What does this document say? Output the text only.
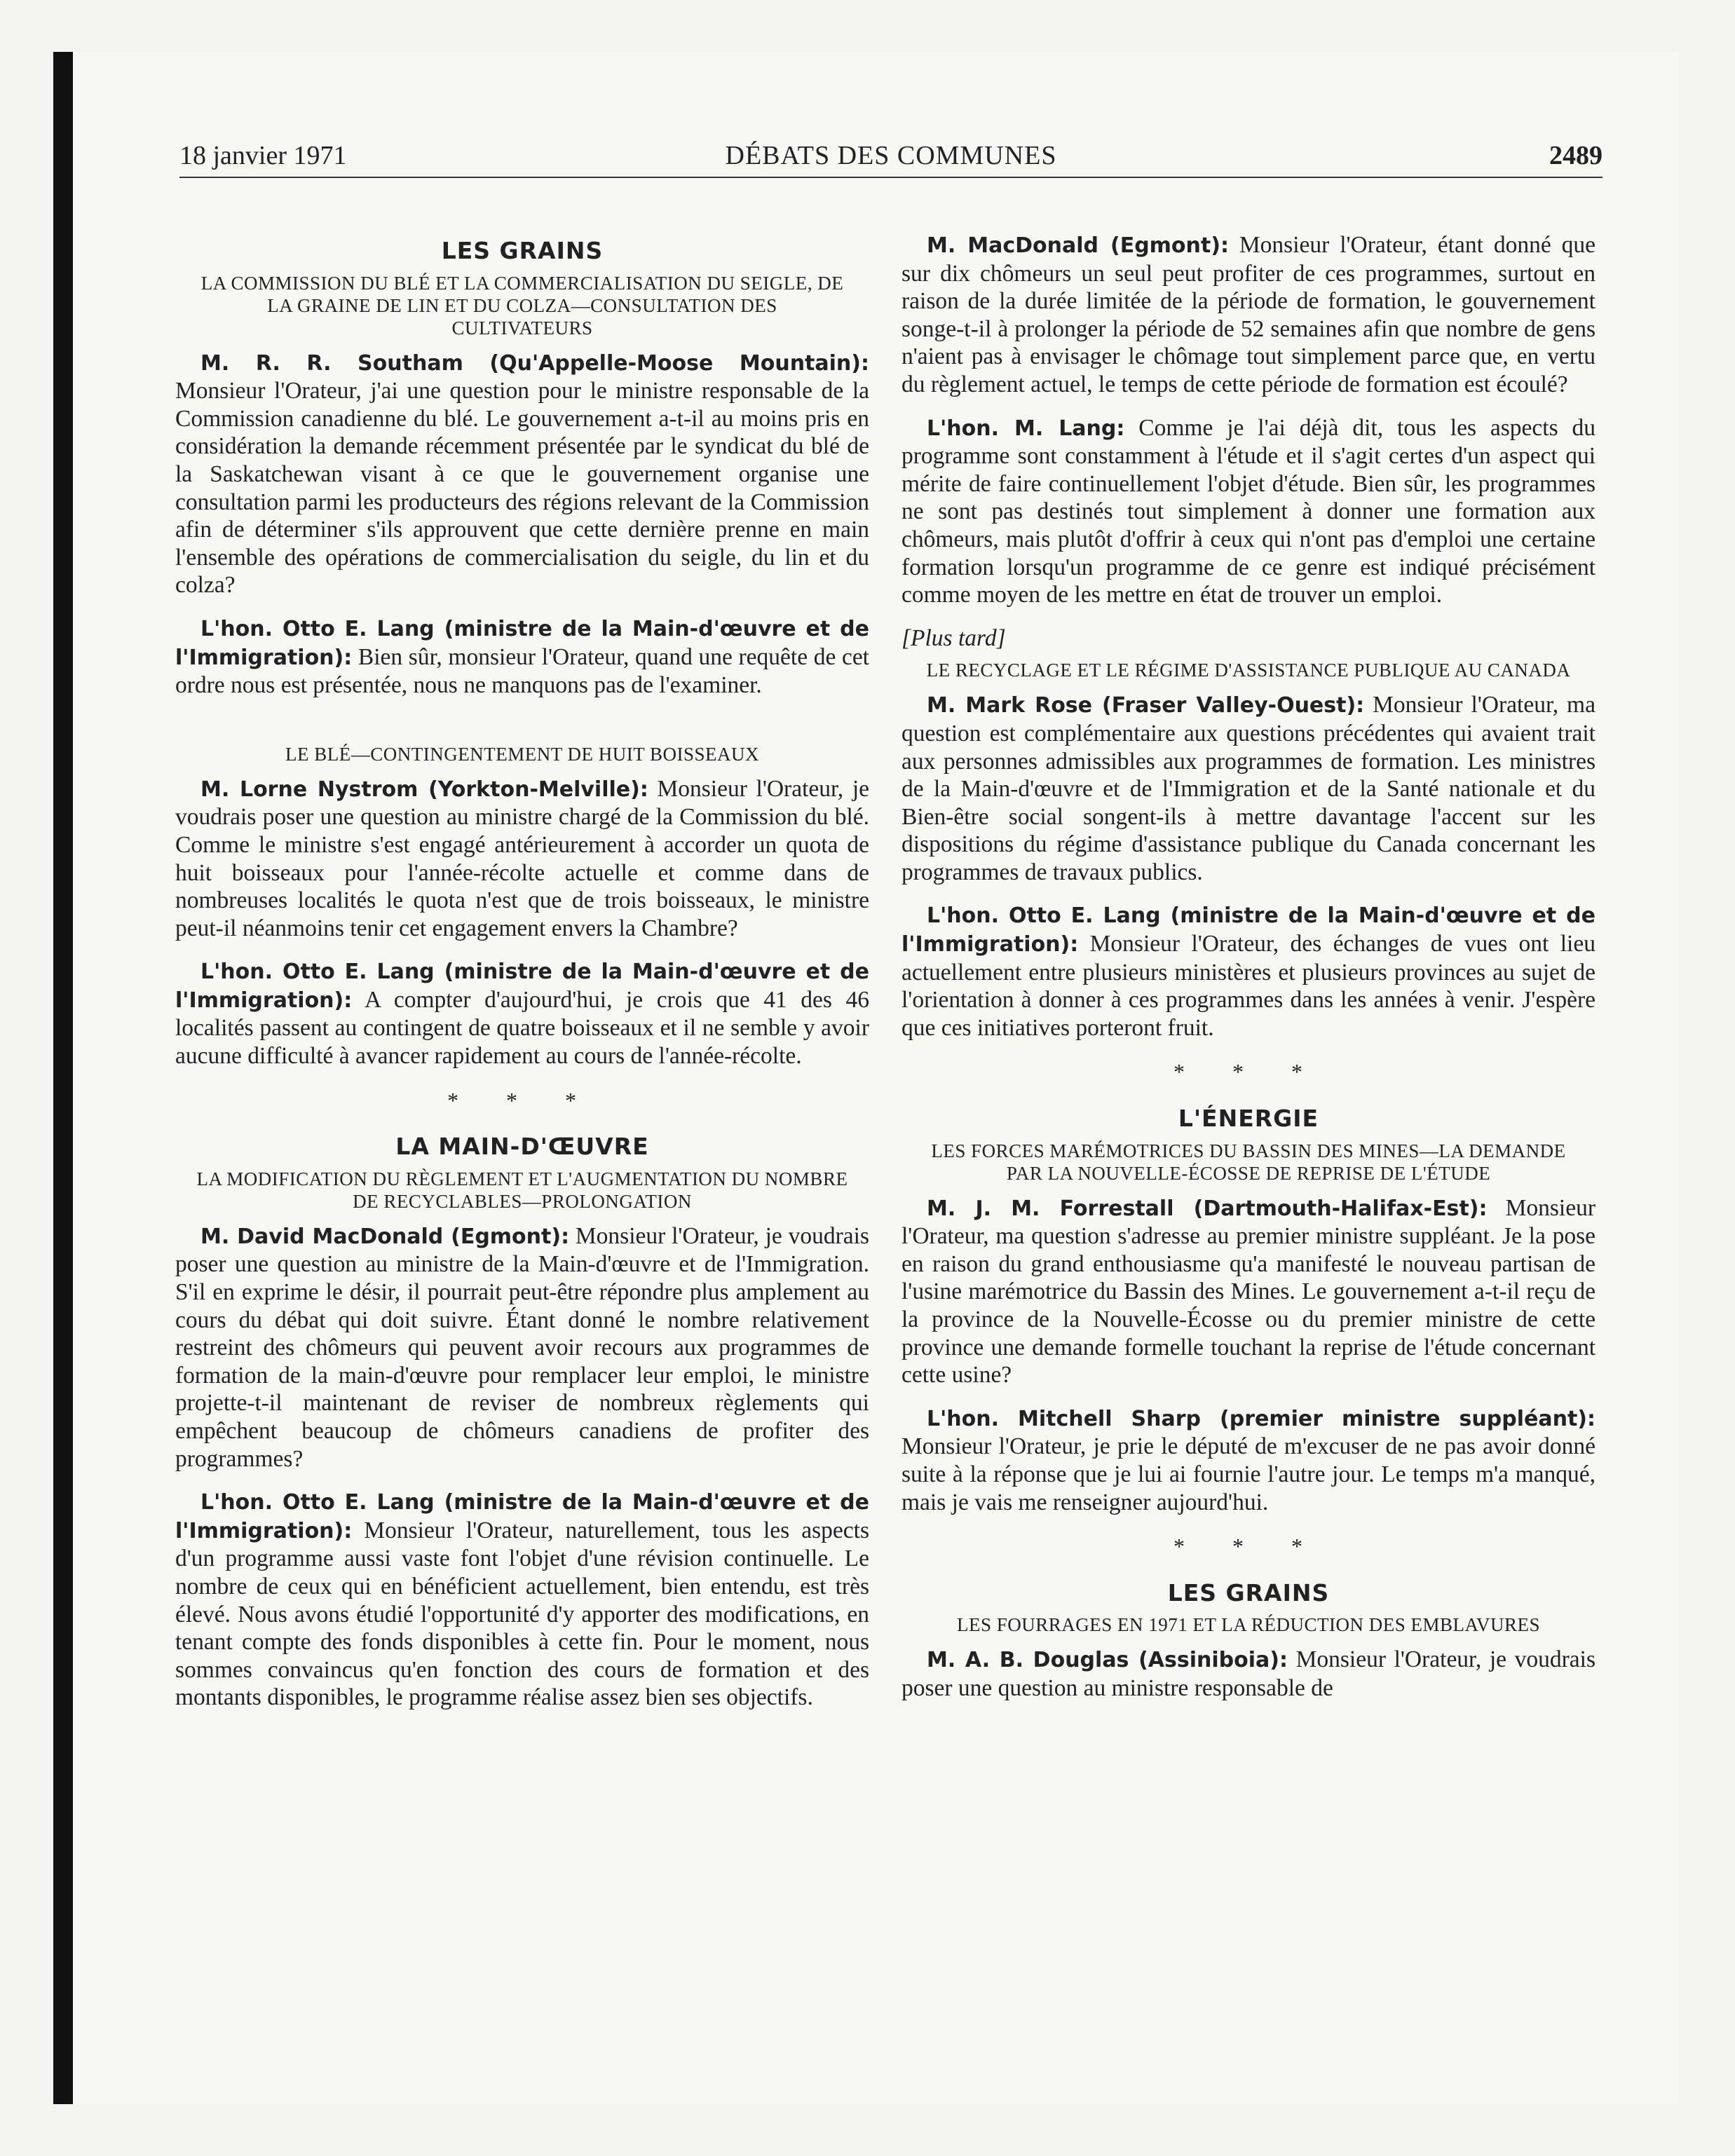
18 janvier 1971	DÉBATS DES COMMUNES	2489
LES GRAINS
LA COMMISSION DU BLÉ ET LA COMMERCIALISATION DU SEIGLE, DE LA GRAINE DE LIN ET DU COLZA—CONSULTATION DES CULTIVATEURS
M. R. R. Southam (Qu'Appelle-Moose Mountain): Monsieur l'Orateur, j'ai une question pour le ministre responsable de la Commission canadienne du blé. Le gouvernement a-t-il au moins pris en considération la demande récemment présentée par le syndicat du blé de la Saskatchewan visant à ce que le gouvernement organise une consultation parmi les producteurs des régions relevant de la Commission afin de déterminer s'ils approuvent que cette dernière prenne en main l'ensemble des opérations de commercialisation du seigle, du lin et du colza?
L'hon. Otto E. Lang (ministre de la Main-d'œuvre et de l'Immigration): Bien sûr, monsieur l'Orateur, quand une requête de cet ordre nous est présentée, nous ne manquons pas de l'examiner.
LE BLÉ—CONTINGENTEMENT DE HUIT BOISSEAUX
M. Lorne Nystrom (Yorkton-Melville): Monsieur l'Orateur, je voudrais poser une question au ministre chargé de la Commission du blé. Comme le ministre s'est engagé antérieurement à accorder un quota de huit boisseaux pour l'année-récolte actuelle et comme dans de nombreuses localités le quota n'est que de trois boisseaux, le ministre peut-il néanmoins tenir cet engagement envers la Chambre?
L'hon. Otto E. Lang (ministre de la Main-d'œuvre et de l'Immigration): A compter d'aujourd'hui, je crois que 41 des 46 localités passent au contingent de quatre boisseaux et il ne semble y avoir aucune difficulté à avancer rapidement au cours de l'année-récolte.
* * *
LA MAIN-D'ŒUVRE
LA MODIFICATION DU RÈGLEMENT ET L'AUGMENTATION DU NOMBRE DE RECYCLABLES—PROLONGATION
M. David MacDonald (Egmont): Monsieur l'Orateur, je voudrais poser une question au ministre de la Main-d'œuvre et de l'Immigration. S'il en exprime le désir, il pourrait peut-être répondre plus amplement au cours du débat qui doit suivre. Étant donné le nombre relativement restreint des chômeurs qui peuvent avoir recours aux programmes de formation de la main-d'œuvre pour remplacer leur emploi, le ministre projette-t-il maintenant de reviser de nombreux règlements qui empêchent beaucoup de chômeurs canadiens de profiter des programmes?
L'hon. Otto E. Lang (ministre de la Main-d'œuvre et de l'Immigration): Monsieur l'Orateur, naturellement, tous les aspects d'un programme aussi vaste font l'objet d'une révision continuelle. Le nombre de ceux qui en bénéficient actuellement, bien entendu, est très élevé. Nous avons étudié l'opportunité d'y apporter des modifications, en tenant compte des fonds disponibles à cette fin. Pour le moment, nous sommes convaincus qu'en fonction des cours de formation et des montants disponibles, le programme réalise assez bien ses objectifs.
M. MacDonald (Egmont): Monsieur l'Orateur, étant donné que sur dix chômeurs un seul peut profiter de ces programmes, surtout en raison de la durée limitée de la période de formation, le gouvernement songe-t-il à prolonger la période de 52 semaines afin que nombre de gens n'aient pas à envisager le chômage tout simplement parce que, en vertu du règlement actuel, le temps de cette période de formation est écoulé?
L'hon. M. Lang: Comme je l'ai déjà dit, tous les aspects du programme sont constamment à l'étude et il s'agit certes d'un aspect qui mérite de faire continuellement l'objet d'étude. Bien sûr, les programmes ne sont pas destinés tout simplement à donner une formation aux chômeurs, mais plutôt d'offrir à ceux qui n'ont pas d'emploi une certaine formation lorsqu'un programme de ce genre est indiqué précisément comme moyen de les mettre en état de trouver un emploi.
[Plus tard]
LE RECYCLAGE ET LE RÉGIME D'ASSISTANCE PUBLIQUE AU CANADA
M. Mark Rose (Fraser Valley-Ouest): Monsieur l'Orateur, ma question est complémentaire aux questions précédentes qui avaient trait aux personnes admissibles aux programmes de formation. Les ministres de la Main-d'œuvre et de l'Immigration et de la Santé nationale et du Bien-être social songent-ils à mettre davantage l'accent sur les dispositions du régime d'assistance publique du Canada concernant les programmes de travaux publics.
L'hon. Otto E. Lang (ministre de la Main-d'œuvre et de l'Immigration): Monsieur l'Orateur, des échanges de vues ont lieu actuellement entre plusieurs ministères et plusieurs provinces au sujet de l'orientation à donner à ces programmes dans les années à venir. J'espère que ces initiatives porteront fruit.
* * *
L'ÉNERGIE
LES FORCES MARÉMOTRICES DU BASSIN DES MINES—LA DEMANDE PAR LA NOUVELLE-ÉCOSSE DE REPRISE DE L'ÉTUDE
M. J. M. Forrestall (Dartmouth-Halifax-Est): Monsieur l'Orateur, ma question s'adresse au premier ministre suppléant. Je la pose en raison du grand enthousiasme qu'a manifesté le nouveau partisan de l'usine marémotrice du Bassin des Mines. Le gouvernement a-t-il reçu de la province de la Nouvelle-Écosse ou du premier ministre de cette province une demande formelle touchant la reprise de l'étude concernant cette usine?
L'hon. Mitchell Sharp (premier ministre suppléant): Monsieur l'Orateur, je prie le député de m'excuser de ne pas avoir donné suite à la réponse que je lui ai fournie l'autre jour. Le temps m'a manqué, mais je vais me renseigner aujourd'hui.
* * *
LES GRAINS
LES FOURRAGES EN 1971 ET LA RÉDUCTION DES EMBLAVURES
M. A. B. Douglas (Assiniboia): Monsieur l'Orateur, je voudrais poser une question au ministre responsable de
